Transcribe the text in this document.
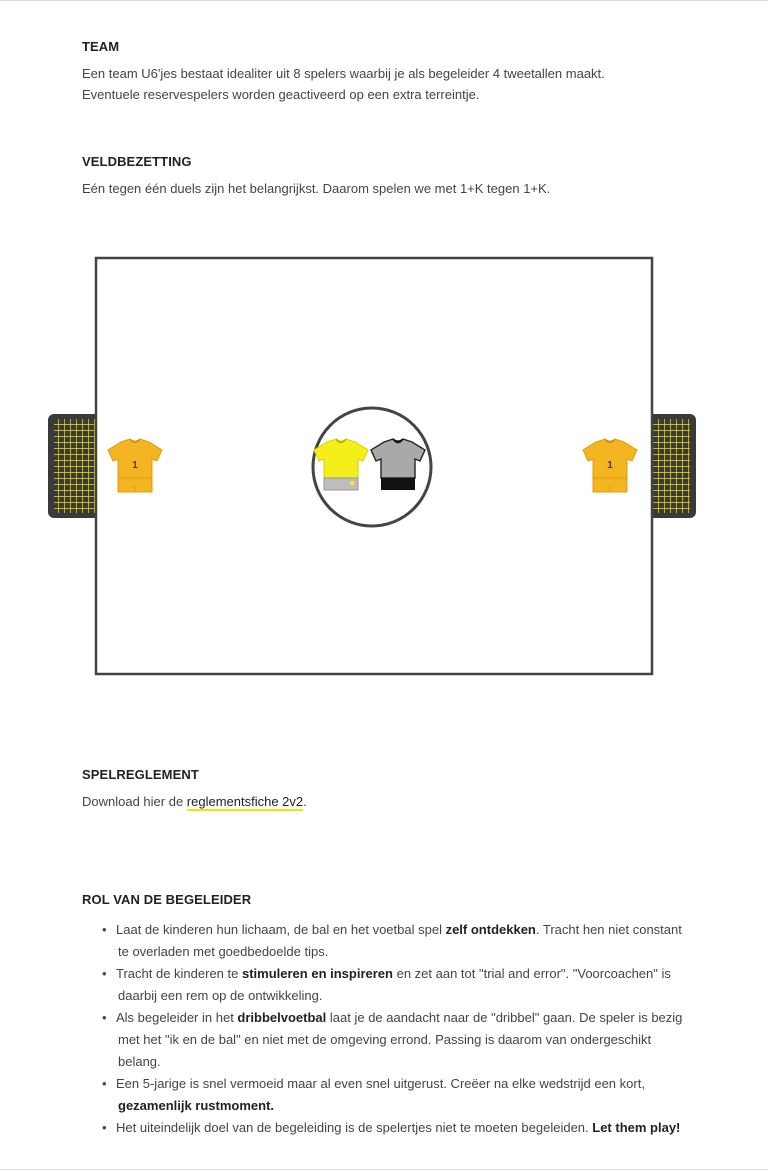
TEAM

Een team U6'jes bestaat idealiter uit 8 spelers waarbij je als begeleider 4 tweetallen maakt.
Eventuele reservespelers worden geactiveerd op een extra terreintje.

VELDBEZETTING

Eén tegen één duels zijn het belangrijkst. Daarom spelen we met 1+K tegen 1+K.

1	1
SPELREGLEMENT

Download hier de reglementsfiche 2v2.

ROL VAN DE BEGELEIDER
• Laat de kinderen hun lichaam, de bal en het voetbal spel zelf ontdekken. Tracht hen niet constant te overladen met goedbedoelde tips.
• Tracht de kinderen te stimuleren en inspireren en zet aan tot "trial and error". "Voorcoachen" is daarbij een rem op de ontwikkeling.
• Als begeleider in het dribbelvoetbal laat je de aandacht naar de "dribbel" gaan. De speler is bezig met het "ik en de bal" en niet met de omgeving errond. Passing is daarom van ondergeschikt belang.
• Een 5-jarige is snel vermoeid maar al even snel uitgerust. Creëer na elke wedstrijd een kort, gezamenlijk rustmoment.
• Het uiteindelijk doel van de begeleiding is de spelertjes niet te moeten begeleiden. Let them play!
